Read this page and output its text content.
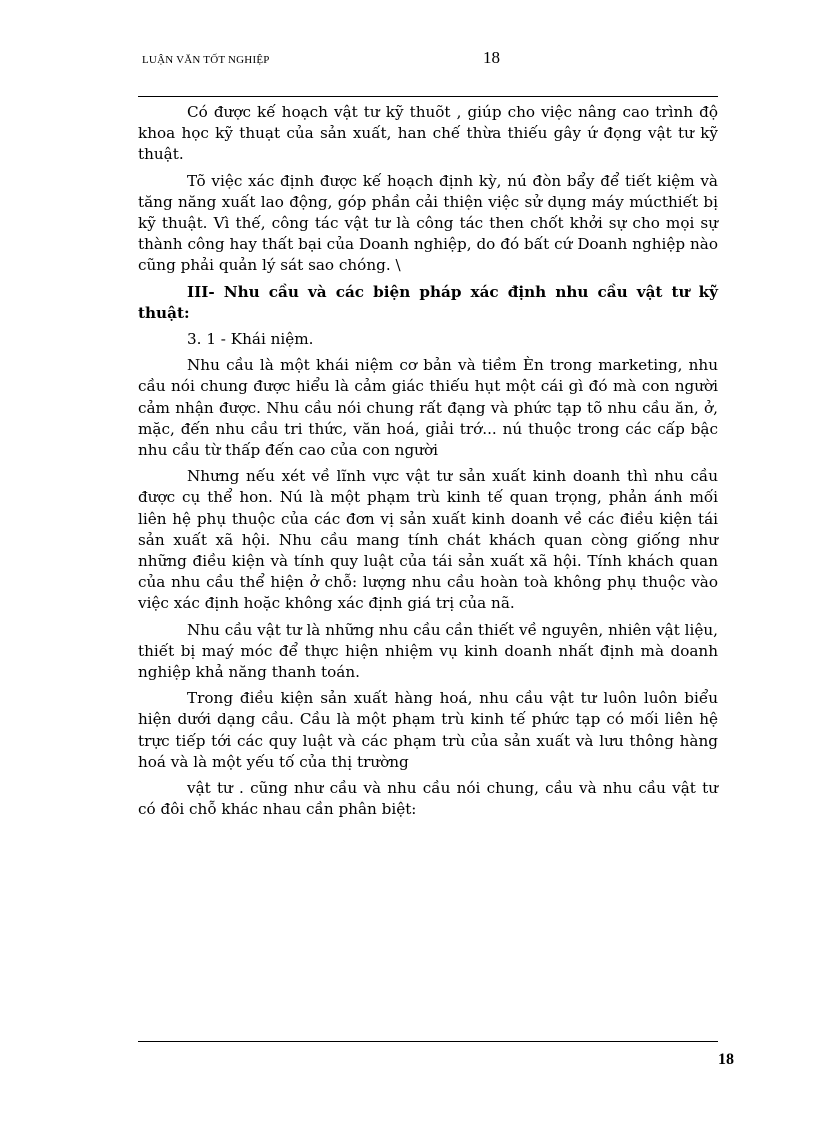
LUẬN VĂN TỐT NGHIỆP	18

Có được kế hoạch vật tư kỹ thuõt , giúp cho việc nâng cao trình độ khoa học kỹ thuạt của sản xuất, han chế thừa thiếu gây ứ đọng vật tư kỹ thuật.

Tõ việc xác định được kế hoạch định kỳ, nú đòn bẩy để tiết kiệm và tăng năng xuất lao động, góp phần cải thiện việc sử dụng máy múcthiết bị kỹ thuật. Vì thế, công tác vật tư là công tác then chốt khởi sự cho mọi sự thành công hay thất bại của Doanh nghiệp, do đó bất cứ Doanh nghiệp nào cũng phải quản lý sát sao chóng. \

III- Nhu cầu và các biện pháp xác định nhu cầu vật tư kỹ thuật:

3. 1 - Khái niệm.

Nhu cầu là một khái niệm cơ bản và tiềm Èn trong marketing, nhu cầu nói chung được hiểu là cảm giác thiếu hụt một cái gì đó mà con người cảm nhận được. Nhu cầu nói chung rất đạng và phức tạp tõ nhu cầu ăn, ở, mặc, đến nhu cầu tri thức, văn hoá, giải trớ... nú thuộc trong các cấp bậc nhu cầu từ thấp đến cao của con người

Nhưng nếu xét về lĩnh vực vật tư sản xuất kinh doanh thì nhu cầu được cụ thể hon. Nú là một phạm trù kinh tế quan trọng, phản ánh mối liên hệ phụ thuộc của các đơn vị sản xuất kinh doanh về các điều kiện tái sản xuất xã hội. Nhu cầu mang tính chát khách quan còng giống như những điều kiện và tính quy luật của tái sản xuất xã hội. Tính khách quan của nhu cầu thể hiện ở chỗ: lượng nhu cầu hoàn toà không phụ thuộc vào việc xác định hoặc không xác định giá trị của nã.

Nhu cầu vật tư là những nhu cầu cần thiết về nguyên, nhiên vật liệu, thiết bị maý móc để thực hiện nhiệm vụ kinh doanh nhất định mà doanh nghiệp khả năng thanh toán.

Trong điều kiện sản xuất hàng hoá, nhu cầu vật tư luôn luôn biểu hiện dưới dạng cầu. Cầu là một phạm trù kinh tế phức tạp có mối liên hệ trực tiếp tới các quy luật và các phạm trù của sản xuất và lưu thông hàng hoá và là một yếu tố của thị trường

vật tư . cũng như cầu và nhu cầu nói chung, cầu và nhu cầu vật tư có đôi chỗ khác nhau cần phân biệt:

18
